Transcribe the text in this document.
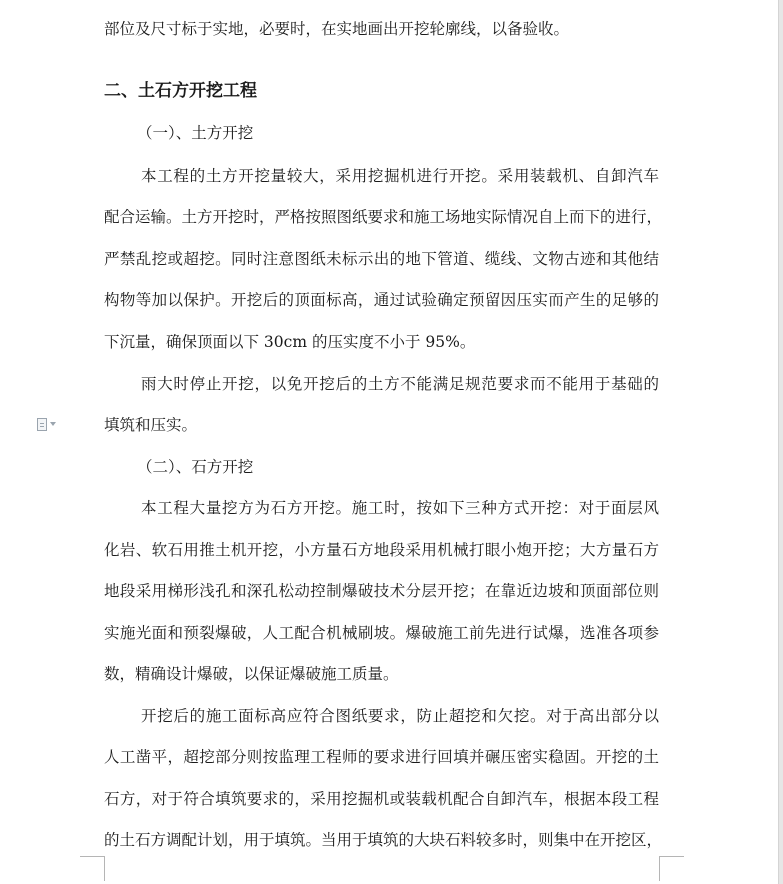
部位及尺寸标于实地，必要时，在实地画出开挖轮廓线，以备验收。
二、土石方开挖工程
（一）、土方开挖
本工程的土方开挖量较大，采用挖掘机进行开挖。采用装载机、自卸汽车
配合运输。土方开挖时，严格按照图纸要求和施工场地实际情况自上而下的进行，
严禁乱挖或超挖。同时注意图纸未标示出的地下管道、缆线、文物古迹和其他结
构物等加以保护。开挖后的顶面标高，通过试验确定预留因压实而产生的足够的
下沉量，确保顶面以下 30cm 的压实度不小于 95%。
雨大时停止开挖，以免开挖后的土方不能满足规范要求而不能用于基础的
填筑和压实。
（二）、石方开挖
本工程大量挖方为石方开挖。施工时，按如下三种方式开挖：对于面层风
化岩、软石用推土机开挖，小方量石方地段采用机械打眼小炮开挖；大方量石方
地段采用梯形浅孔和深孔松动控制爆破技术分层开挖；在靠近边坡和顶面部位则
实施光面和预裂爆破，人工配合机械刷坡。爆破施工前先进行试爆，选准各项参
数，精确设计爆破，以保证爆破施工质量。
开挖后的施工面标高应符合图纸要求，防止超挖和欠挖。对于高出部分以
人工凿平，超挖部分则按监理工程师的要求进行回填并碾压密实稳固。开挖的土
石方，对于符合填筑要求的，采用挖掘机或装载机配合自卸汽车，根据本段工程
的土石方调配计划，用于填筑。当用于填筑的大块石料较多时，则集中在开挖区，
